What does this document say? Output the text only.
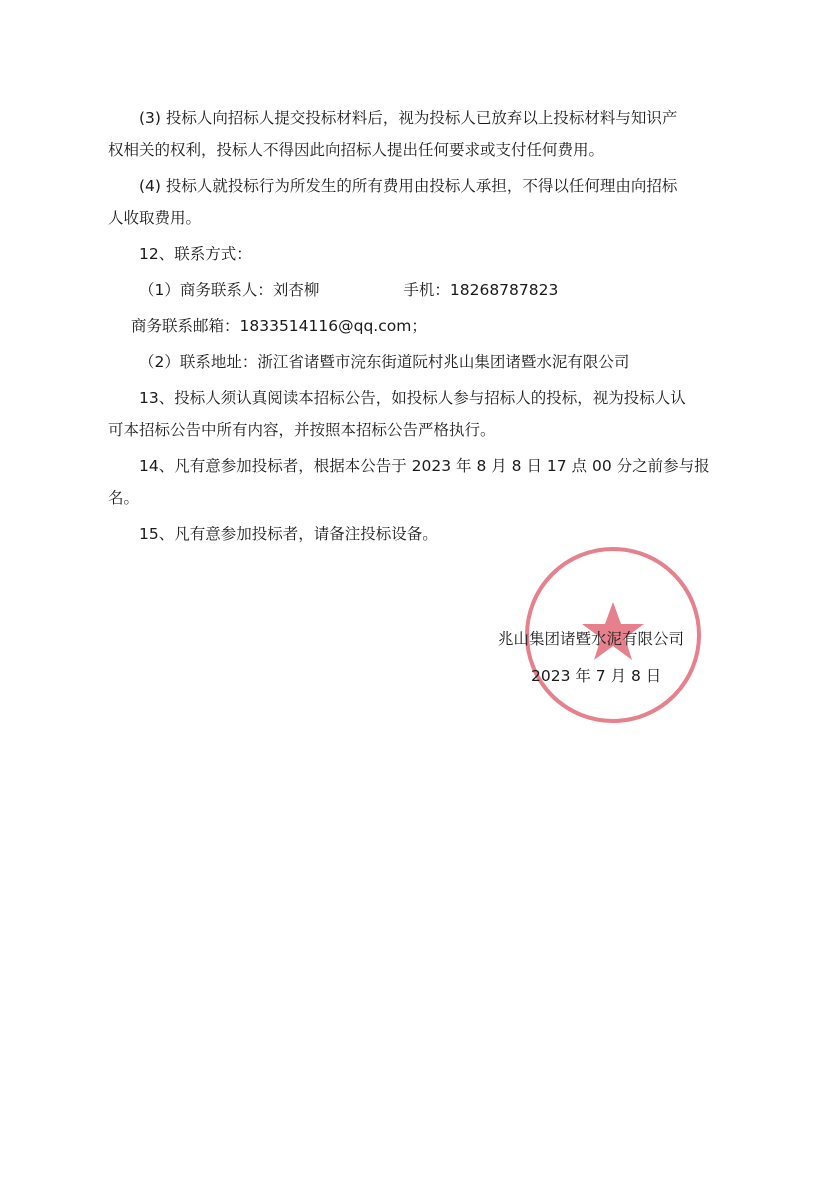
(3) 投标人向招标人提交投标材料后，视为投标人已放弃以上投标材料与知识产

权相关的权利，投标人不得因此向招标人提出任何要求或支付任何费用。

(4) 投标人就投标行为所发生的所有费用由投标人承担，不得以任何理由向招标

人收取费用。

12、联系方式：

（1）商务联系人：刘杏柳	手机：18268787823

商务联系邮箱：1833514116@qq.com；

（2）联系地址：浙江省诸暨市浣东街道阮村兆山集团诸暨水泥有限公司

13、投标人须认真阅读本招标公告，如投标人参与招标人的投标，视为投标人认

可本招标公告中所有内容，并按照本招标公告严格执行。

14、凡有意参加投标者，根据本公告于 2023 年 8 月 8 日 17 点 00 分之前参与报

名。

15、凡有意参加投标者，请备注投标设备。

兆山集团诸暨水泥有限公司
2023 年 7 月 8 日
